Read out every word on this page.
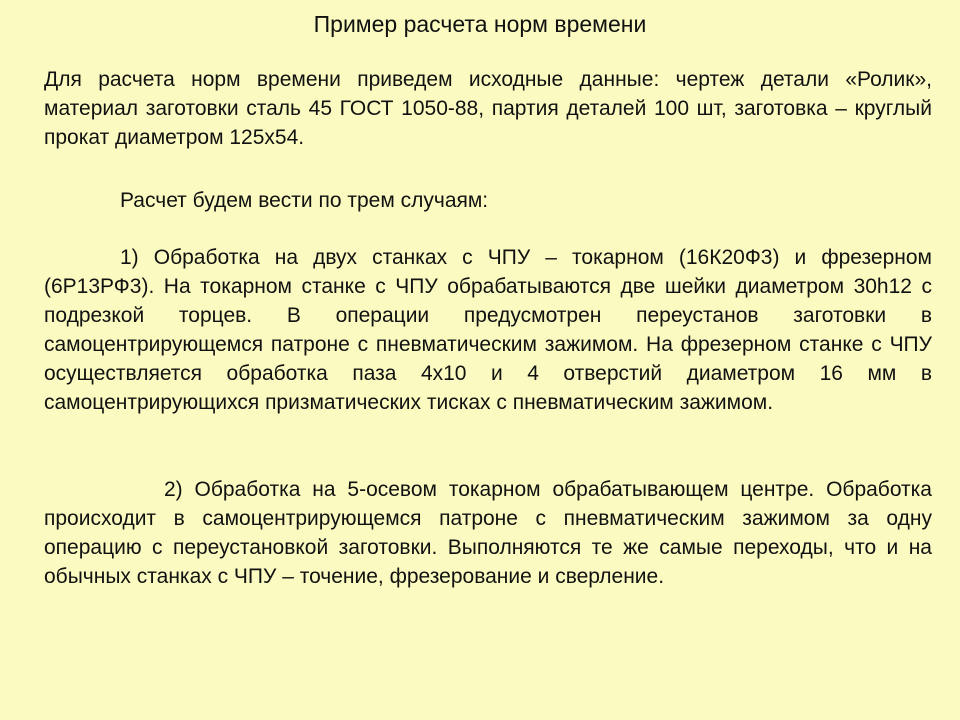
Пример расчета норм времени
Для расчета норм времени приведем исходные данные: чертеж детали «Ролик», материал заготовки сталь 45 ГОСТ 1050-88, партия деталей 100 шт, заготовка – круглый прокат диаметром 125х54.
Расчет будем вести по трем случаям:
1) Обработка на двух станках с ЧПУ – токарном (16К20Ф3) и фрезерном (6Р13РФ3). На токарном станке с ЧПУ обрабатываются две шейки диаметром 30h12 с подрезкой торцев. В операции предусмотрен переустанов заготовки в самоцентрирующемся патроне с пневматическим зажимом. На фрезерном станке с ЧПУ осуществляется обработка паза 4х10 и 4 отверстий диаметром 16 мм в самоцентрирующихся призматических тисках с пневматическим зажимом.
2) Обработка на 5-осевом токарном обрабатывающем центре. Обработка происходит в самоцентрирующемся патроне с пневматическим зажимом за одну операцию с переустановкой заготовки. Выполняются те же самые переходы, что и на обычных станках с ЧПУ – точение, фрезерование и сверление.
